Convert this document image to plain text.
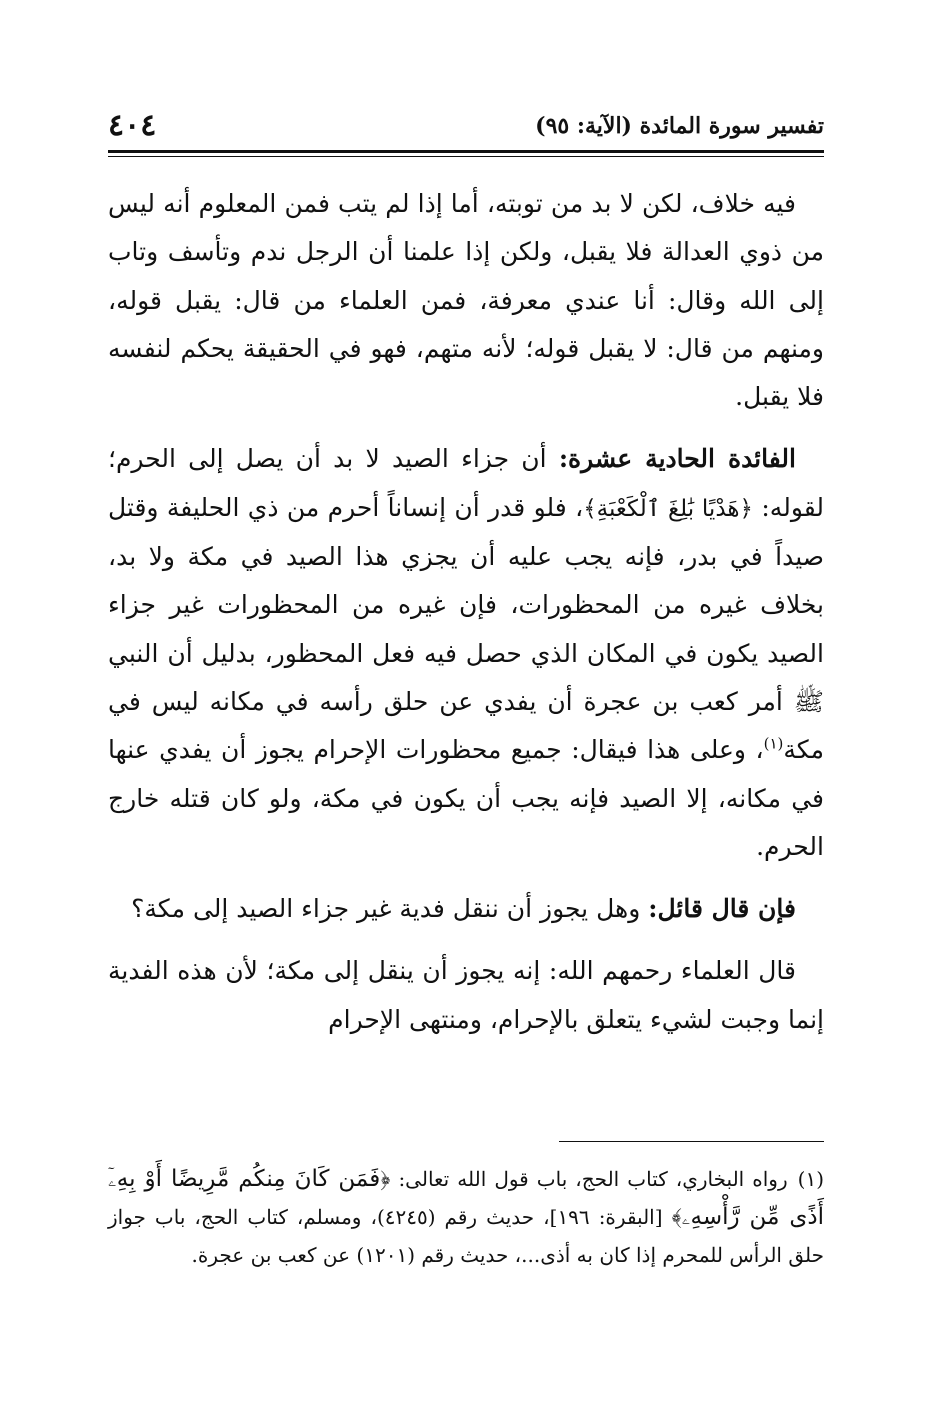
تفسير سورة المائدة (الآية: ٩٥)
٤٠٤

فيه خلاف، لكن لا بد من توبته، أما إذا لم يتب فمن المعلوم أنه ليس من ذوي العدالة فلا يقبل، ولكن إذا علمنا أن الرجل ندم وتأسف وتاب إلى الله وقال: أنا عندي معرفة، فمن العلماء من قال: يقبل قوله، ومنهم من قال: لا يقبل قوله؛ لأنه متهم، فهو في الحقيقة يحكم لنفسه فلا يقبل.

الفائدة الحادية عشرة: أن جزاء الصيد لا بد أن يصل إلى الحرم؛ لقوله: ﴿هَدْيًا بَٰلِغَ ٱلْكَعْبَةِ﴾، فلو قدر أن إنساناً أحرم من ذي الحليفة وقتل صيداً في بدر، فإنه يجب عليه أن يجزي هذا الصيد في مكة ولا بد، بخلاف غيره من المحظورات، فإن غيره من المحظورات غير جزاء الصيد يكون في المكان الذي حصل فيه فعل المحظور، بدليل أن النبي ﷺ أمر كعب بن عجرة أن يفدي عن حلق رأسه في مكانه ليس في مكة$^{(١)}$، وعلى هذا فيقال: جميع محظورات الإحرام يجوز أن يفدي عنها في مكانه، إلا الصيد فإنه يجب أن يكون في مكة، ولو كان قتله خارج الحرم.

فإن قال قائل: وهل يجوز أن ننقل فدية غير جزاء الصيد إلى مكة؟

قال العلماء رحمهم الله: إنه يجوز أن ينقل إلى مكة؛ لأن هذه الفدية إنما وجبت لشيء يتعلق بالإحرام، ومنتهى الإحرام

(١)رواه البخاري، كتاب الحج، باب قول الله تعالى: ﴿فَمَن كَانَ مِنكُم مَّرِيضًا أَوْ بِهِۦٓ أَذًى مِّن رَّأْسِهِۦ﴾ [البقرة: ١٩٦]، حديث رقم (٤٢٤٥)، ومسلم، كتاب الحج، باب جواز حلق الرأس للمحرم إذا كان به أذى...، حديث رقم (١٢٠١) عن كعب بن عجرة.
